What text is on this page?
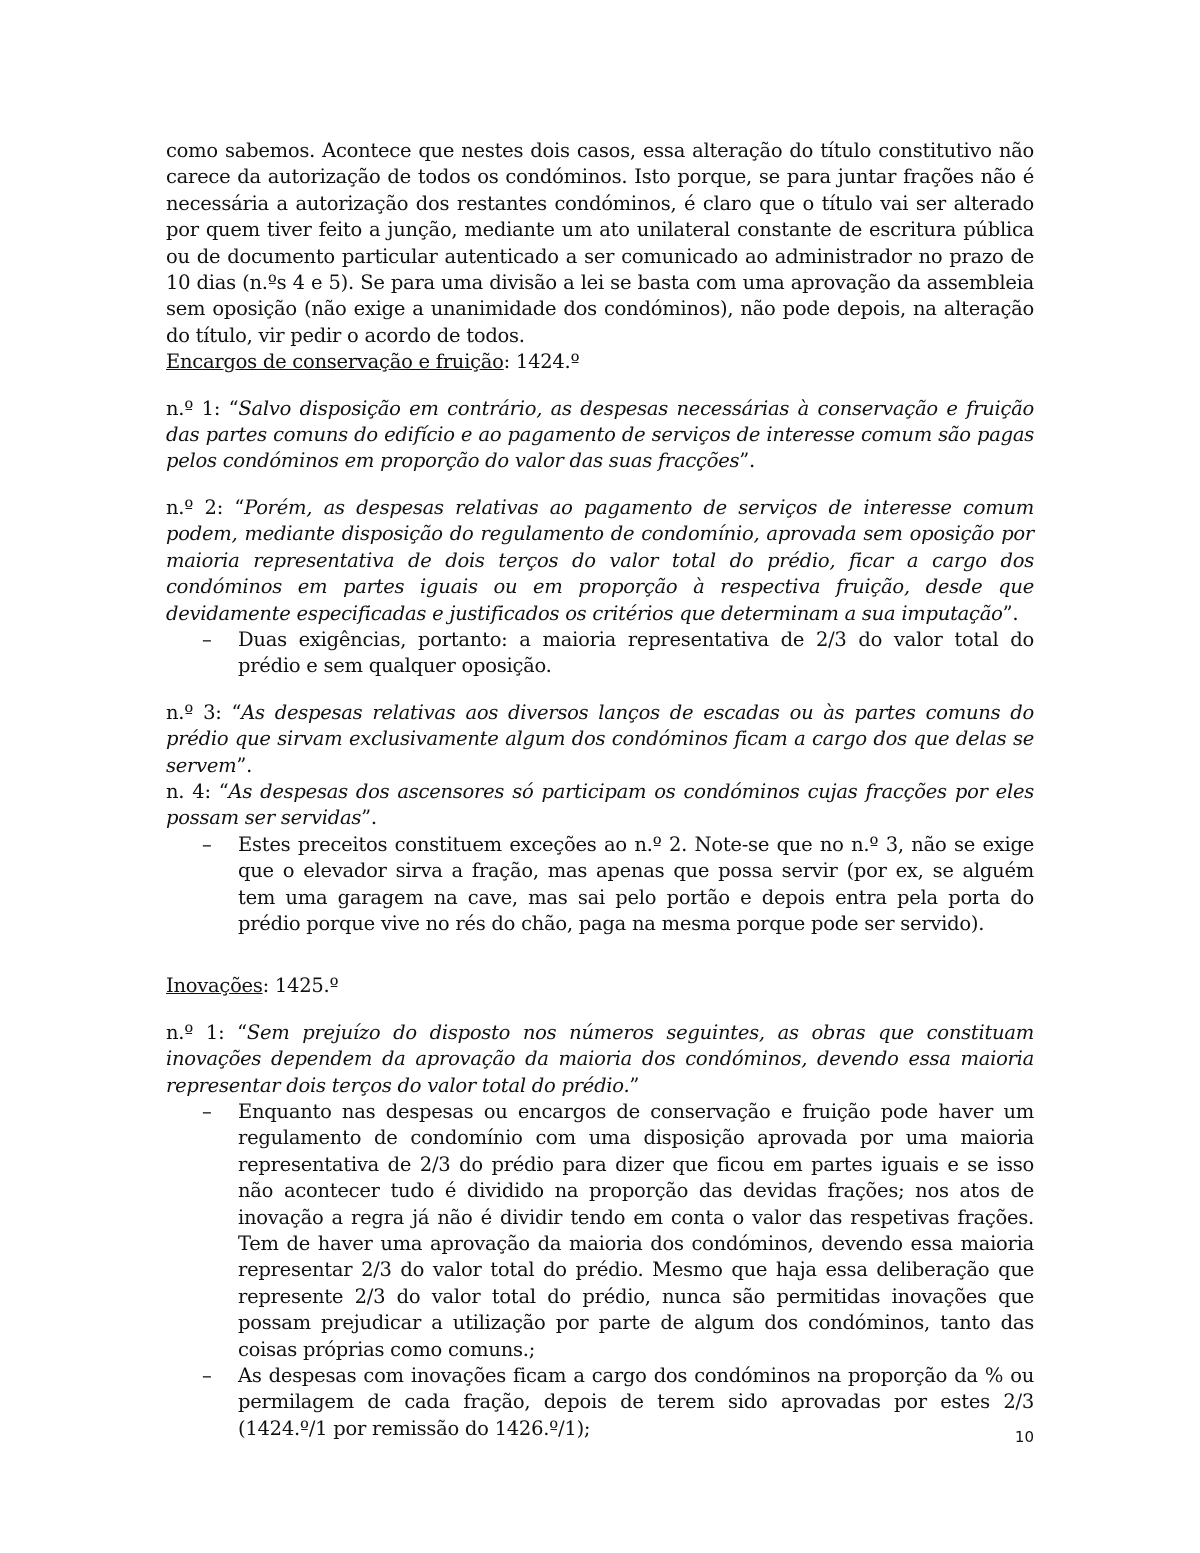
como sabemos. Acontece que nestes dois casos, essa alteração do título constitutivo não carece da autorização de todos os condóminos. Isto porque, se para juntar frações não é necessária a autorização dos restantes condóminos, é claro que o título vai ser alterado por quem tiver feito a junção, mediante um ato unilateral constante de escritura pública ou de documento particular autenticado a ser comunicado ao administrador no prazo de 10 dias (n.ºs 4 e 5). Se para uma divisão a lei se basta com uma aprovação da assembleia sem oposição (não exige a unanimidade dos condóminos), não pode depois, na alteração do título, vir pedir o acordo de todos.

Encargos de conservação e fruição: 1424.º

n.º 1: “Salvo disposição em contrário, as despesas necessárias à conservação e fruição das partes comuns do edifício e ao pagamento de serviços de interesse comum são pagas pelos condóminos em proporção do valor das suas fracções”.

n.º 2: “Porém, as despesas relativas ao pagamento de serviços de interesse comum podem, mediante disposição do regulamento de condomínio, aprovada sem oposição por maioria representativa de dois terços do valor total do prédio, ficar a cargo dos condóminos em partes iguais ou em proporção à respectiva fruição, desde que devidamente especificadas e justificados os critérios que determinam a sua imputação”.

– Duas exigências, portanto: a maioria representativa de 2/3 do valor total do prédio e sem qualquer oposição.

n.º 3: “As despesas relativas aos diversos lanços de escadas ou às partes comuns do prédio que sirvam exclusivamente algum dos condóminos ficam a cargo dos que delas se servem”.

n. 4: “As despesas dos ascensores só participam os condóminos cujas fracções por eles possam ser servidas”.

– Estes preceitos constituem exceções ao n.º 2. Note-se que no n.º 3, não se exige que o elevador sirva a fração, mas apenas que possa servir (por ex, se alguém tem uma garagem na cave, mas sai pelo portão e depois entra pela porta do prédio porque vive no rés do chão, paga na mesma porque pode ser servido).

Inovações: 1425.º

n.º 1: “Sem prejuízo do disposto nos números seguintes, as obras que constituam inovações dependem da aprovação da maioria dos condóminos, devendo essa maioria representar dois terços do valor total do prédio.”

– Enquanto nas despesas ou encargos de conservação e fruição pode haver um regulamento de condomínio com uma disposição aprovada por uma maioria representativa de 2/3 do prédio para dizer que ficou em partes iguais e se isso não acontecer tudo é dividido na proporção das devidas frações; nos atos de inovação a regra já não é dividir tendo em conta o valor das respetivas frações. Tem de haver uma aprovação da maioria dos condóminos, devendo essa maioria representar 2/3 do valor total do prédio. Mesmo que haja essa deliberação que represente 2/3 do valor total do prédio, nunca são permitidas inovações que possam prejudicar a utilização por parte de algum dos condóminos, tanto das coisas próprias como comuns.;
– As despesas com inovações ficam a cargo dos condóminos na proporção da % ou permilagem de cada fração, depois de terem sido aprovadas por estes 2/3 (1424.º/1 por remissão do 1426.º/1);	10
